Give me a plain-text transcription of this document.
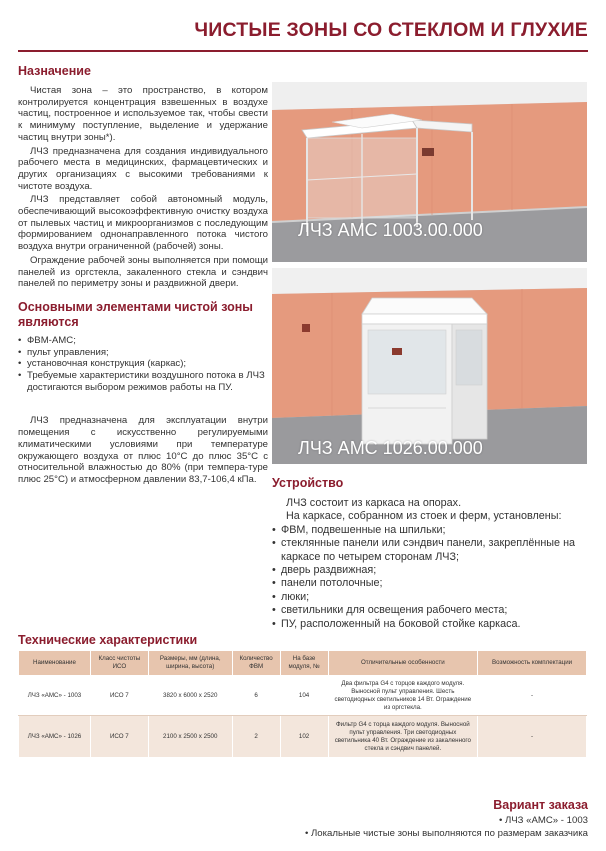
ЧИСТЫЕ ЗОНЫ СО СТЕКЛОМ И ГЛУХИЕ
Назначение

Чистая зона – это пространство, в котором контролируется концентрация взвешенных в воздухе частиц, построенное и используемое так, чтобы свести к минимуму поступление, выделение и удержание частиц внутри зоны*).

ЛЧЗ предназначена для создания индивидуального рабочего места в медицинских, фармацевтических и других организациях с высокими требованиями к чистоте воздуха.

ЛЧЗ представляет собой автономный модуль, обеспечивающий высокоэффективную очистку воздуха от пылевых частиц и микроорганизмов с последующим формированием однонаправленного потока чистого воздуха внутри ограниченной (рабочей) зоны.

Ограждение рабочей зоны выполняется при помощи панелей из оргстекла, закаленного стекла и сэндвич панелей по периметру зоны и раздвижной двери.

Основными элементами чистой зоны являются
• ФВМ-АМС;
• пульт управления;
• установочная конструкция (каркас);
• Требуемые характеристики воздушного потока в ЛЧЗ достигаются выбором режимов работы на ПУ.

ЛЧЗ предназначена для эксплуатации внутри помещения с искусственно регулируемыми климатическими условиями при температуре окружающего воздуха от плюс 10°С до плюс 35°С с относительной влажностью до 80% (при темпера-туре плюс 25°С) и атмосферном давлении 83,7-106,4 кПа.

ЛЧЗ АМС 1003.00.000
ЛЧЗ АМС 1026.00.000
Устройство

ЛЧЗ состоит из каркаса на опорах.

На каркасе, собранном из стоек и ферм, установлены:
• ФВМ, подвешенные на шпильки;
• стеклянные панели или сэндвич панели, закреплённые на каркасе по четырем сторонам ЛЧЗ;
• дверь раздвижная;
• панели потолочные;
• люки;
• светильники для освещения рабочего места;
• ПУ, расположенный на боковой стойке каркаса.
Технические характеристики
Наименование	Класс чистоты ИСО	Размеры, мм (длина, ширина, высота)	Количество ФВМ	На базе модуля, №	Отличительные особенности	Возможность комплектации
ЛЧЗ «АМС» - 1003	ИСО 7	3820 х 6000 х 2520	6	104	Два фильтра G4 с торцов каждого модуля. Выносной пульт управления. Шесть светодиодных светильников 14 Вт. Ограждение из оргстекла.	-
ЛЧЗ «АМС» - 1026	ИСО 7	2100 х 2500 х 2500	2	102	Фильтр G4 с торца каждого модуля. Выносной пульт управления. Три светодиодных светильника 40 Вт. Ограждение из закаленного стекла и сэндвич панелей.	-
Вариант заказа
• ЛЧЗ «АМС» - 1003
• Локальные чистые зоны выполняются по размерам заказчика
